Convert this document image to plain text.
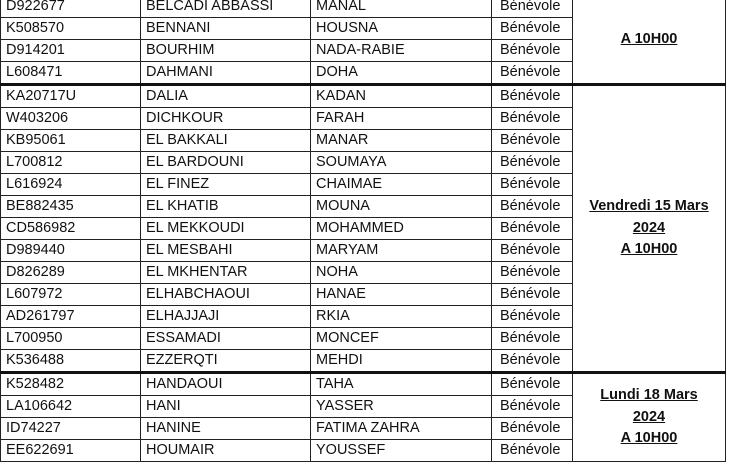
D922677	BELCADI ABBASSI	MANAL	Bénévole	A 10H00

K508570	BENNANI	HOUSNA	Bénévole	
D914201	BOURHIM	NADA-RABIE	Bénévole	
L608471	DAHMANI	DOHA	Bénévole	
KA20717U	DALIA	KADAN	Bénévole	Vendredi 15 Mars
2024
A 10H00

W403206	DICHKOUR	FARAH	Bénévole	
KB95061	EL BAKKALI	MANAR	Bénévole	
L700812	EL BARDOUNI	SOUMAYA	Bénévole	
L616924	EL FINEZ	CHAIMAE	Bénévole	
BE882435	EL KHATIB	MOUNA	Bénévole	
CD586982	EL MEKKOUDI	MOHAMMED	Bénévole	
D989440	EL MESBAHI	MARYAM	Bénévole	
D826289	EL MKHENTAR	NOHA	Bénévole	
L607972	ELHABCHAOUI	HANAE	Bénévole	
AD261797	ELHAJJAJI	RKIA	Bénévole	
L700950	ESSAMADI	MONCEF	Bénévole	
K536488	EZZERQTI	MEHDI	Bénévole	
K528482	HANDAOUI	TAHA	Bénévole	Lundi 18 Mars
2024
A 10H00

LA106642	HANI	YASSER	Bénévole	
ID74227	HANINE	FATIMA ZAHRA	Bénévole	
EE622691	HOUMAIR	YOUSSEF	Bénévole	
